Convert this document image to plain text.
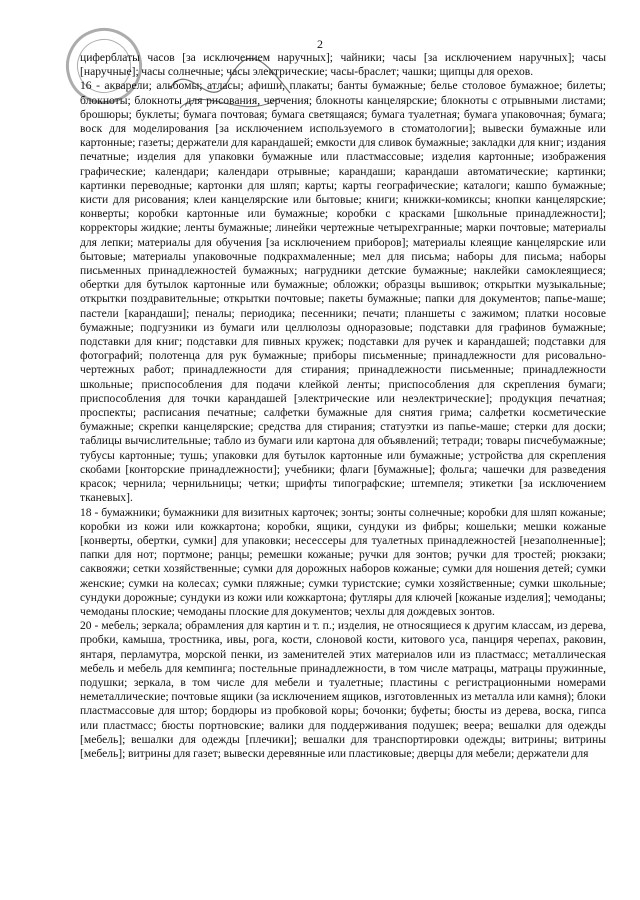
2

циферблаты часов [за исключением наручных]; чайники; часы [за исключением наручных]; часы [наручные]; часы солнечные; часы электрические; часы-браслет; чашки; щипцы для орехов.

16 - акварели; альбомы; атласы; афиши, плакаты; банты бумажные; белье столовое бумажное; билеты; блокноты; блокноты для рисования, черчения; блокноты канцелярские; блокноты с отрывными листами; брошюры; буклеты; бумага почтовая; бумага светящаяся; бумага туалетная; бумага упаковочная; бумага; воск для моделирования [за исключением используемого в стоматологии]; вывески бумажные или картонные; газеты; держатели для карандашей; емкости для сливок бумажные; закладки для книг; издания печатные; изделия для упаковки бумажные или пластмассовые; изделия картонные; изображения графические; календари; календари отрывные; карандаши; карандаши автоматические; картинки; картинки переводные; картонки для шляп; карты; карты географические; каталоги; кашпо бумажные; кисти для рисования; клеи канцелярские или бытовые; книги; книжки-комиксы; кнопки канцелярские; конверты; коробки картонные или бумажные; коробки с красками [школьные принадлежности]; корректоры жидкие; ленты бумажные; линейки чертежные четырехгранные; марки почтовые; материалы для лепки; материалы для обучения [за исключением приборов]; материалы клеящие канцелярские или бытовые; материалы упаковочные подкрахмаленные; мел для письма; наборы для письма; наборы письменных принадлежностей бумажных; нагрудники детские бумажные; наклейки самоклеящиеся; обертки для бутылок картонные или бумажные; обложки; образцы вышивок; открытки музыкальные; открытки поздравительные; открытки почтовые; пакеты бумажные; папки для документов; папье-маше; пастели [карандаши]; пеналы; периодика; песенники; печати; планшеты с зажимом; платки носовые бумажные; подгузники из бумаги или целлюлозы одноразовые; подставки для графинов бумажные; подставки для книг; подставки для пивных кружек; подставки для ручек и карандашей; подставки для фотографий; полотенца для рук бумажные; приборы письменные; принадлежности для рисовально-чертежных работ; принадлежности для стирания; принадлежности письменные; принадлежности школьные; приспособления для подачи клейкой ленты; приспособления для скрепления бумаги; приспособления для точки карандашей [электрические или неэлектрические]; продукция печатная; проспекты; расписания печатные; салфетки бумажные для снятия грима; салфетки косметические бумажные; скрепки канцелярские; средства для стирания; статуэтки из папье-маше; стерки для доски; таблицы вычислительные; табло из бумаги или картона для объявлений; тетради; товары писчебумажные; тубусы картонные; тушь; упаковки для бутылок картонные или бумажные; устройства для скрепления скобами [конторские принадлежности]; учебники; флаги [бумажные]; фольга; чашечки для разведения красок; чернила; чернильницы; четки; шрифты типографские; штемпеля; этикетки [за исключением тканевых].

18 - бумажники; бумажники для визитных карточек; зонты; зонты солнечные; коробки для шляп кожаные; коробки из кожи или кожкартона; коробки, ящики, сундуки из фибры; кошельки; мешки кожаные [конверты, обертки, сумки] для упаковки; несессеры для туалетных принадлежностей [незаполненные]; папки для нот; портмоне; ранцы; ремешки кожаные; ручки для зонтов; ручки для тростей; рюкзаки; саквояжи; сетки хозяйственные; сумки для дорожных наборов кожаные; сумки для ношения детей; сумки женские; сумки на колесах; сумки пляжные; сумки туристские; сумки хозяйственные; сумки школьные; сундуки дорожные; сундуки из кожи или кожкартона; футляры для ключей [кожаные изделия]; чемоданы; чемоданы плоские; чемоданы плоские для документов; чехлы для дождевых зонтов.

20 - мебель; зеркала; обрамления для картин и т. п.; изделия, не относящиеся к другим классам, из дерева, пробки, камыша, тростника, ивы, рога, кости, слоновой кости, китового уса, панциря черепах, раковин, янтаря, перламутра, морской пенки, из заменителей этих материалов или из пластмасс; металлическая мебель и мебель для кемпинга; постельные принадлежности, в том числе матрацы, матрацы пружинные, подушки; зеркала, в том числе для мебели и туалетные; пластины с регистрационными номерами неметаллические; почтовые ящики (за исключением ящиков, изготовленных из металла или камня); блоки пластмассовые для штор; бордюры из пробковой коры; бочонки; буфеты; бюсты из дерева, воска, гипса или пластмасс; бюсты портновские; валики для поддерживания подушек; веера; вешалки для одежды [мебель]; вешалки для одежды [плечики]; вешалки для транспортировки одежды; витрины; витрины [мебель]; витрины для газет; вывески деревянные или пластиковые; дверцы для мебели; держатели для
